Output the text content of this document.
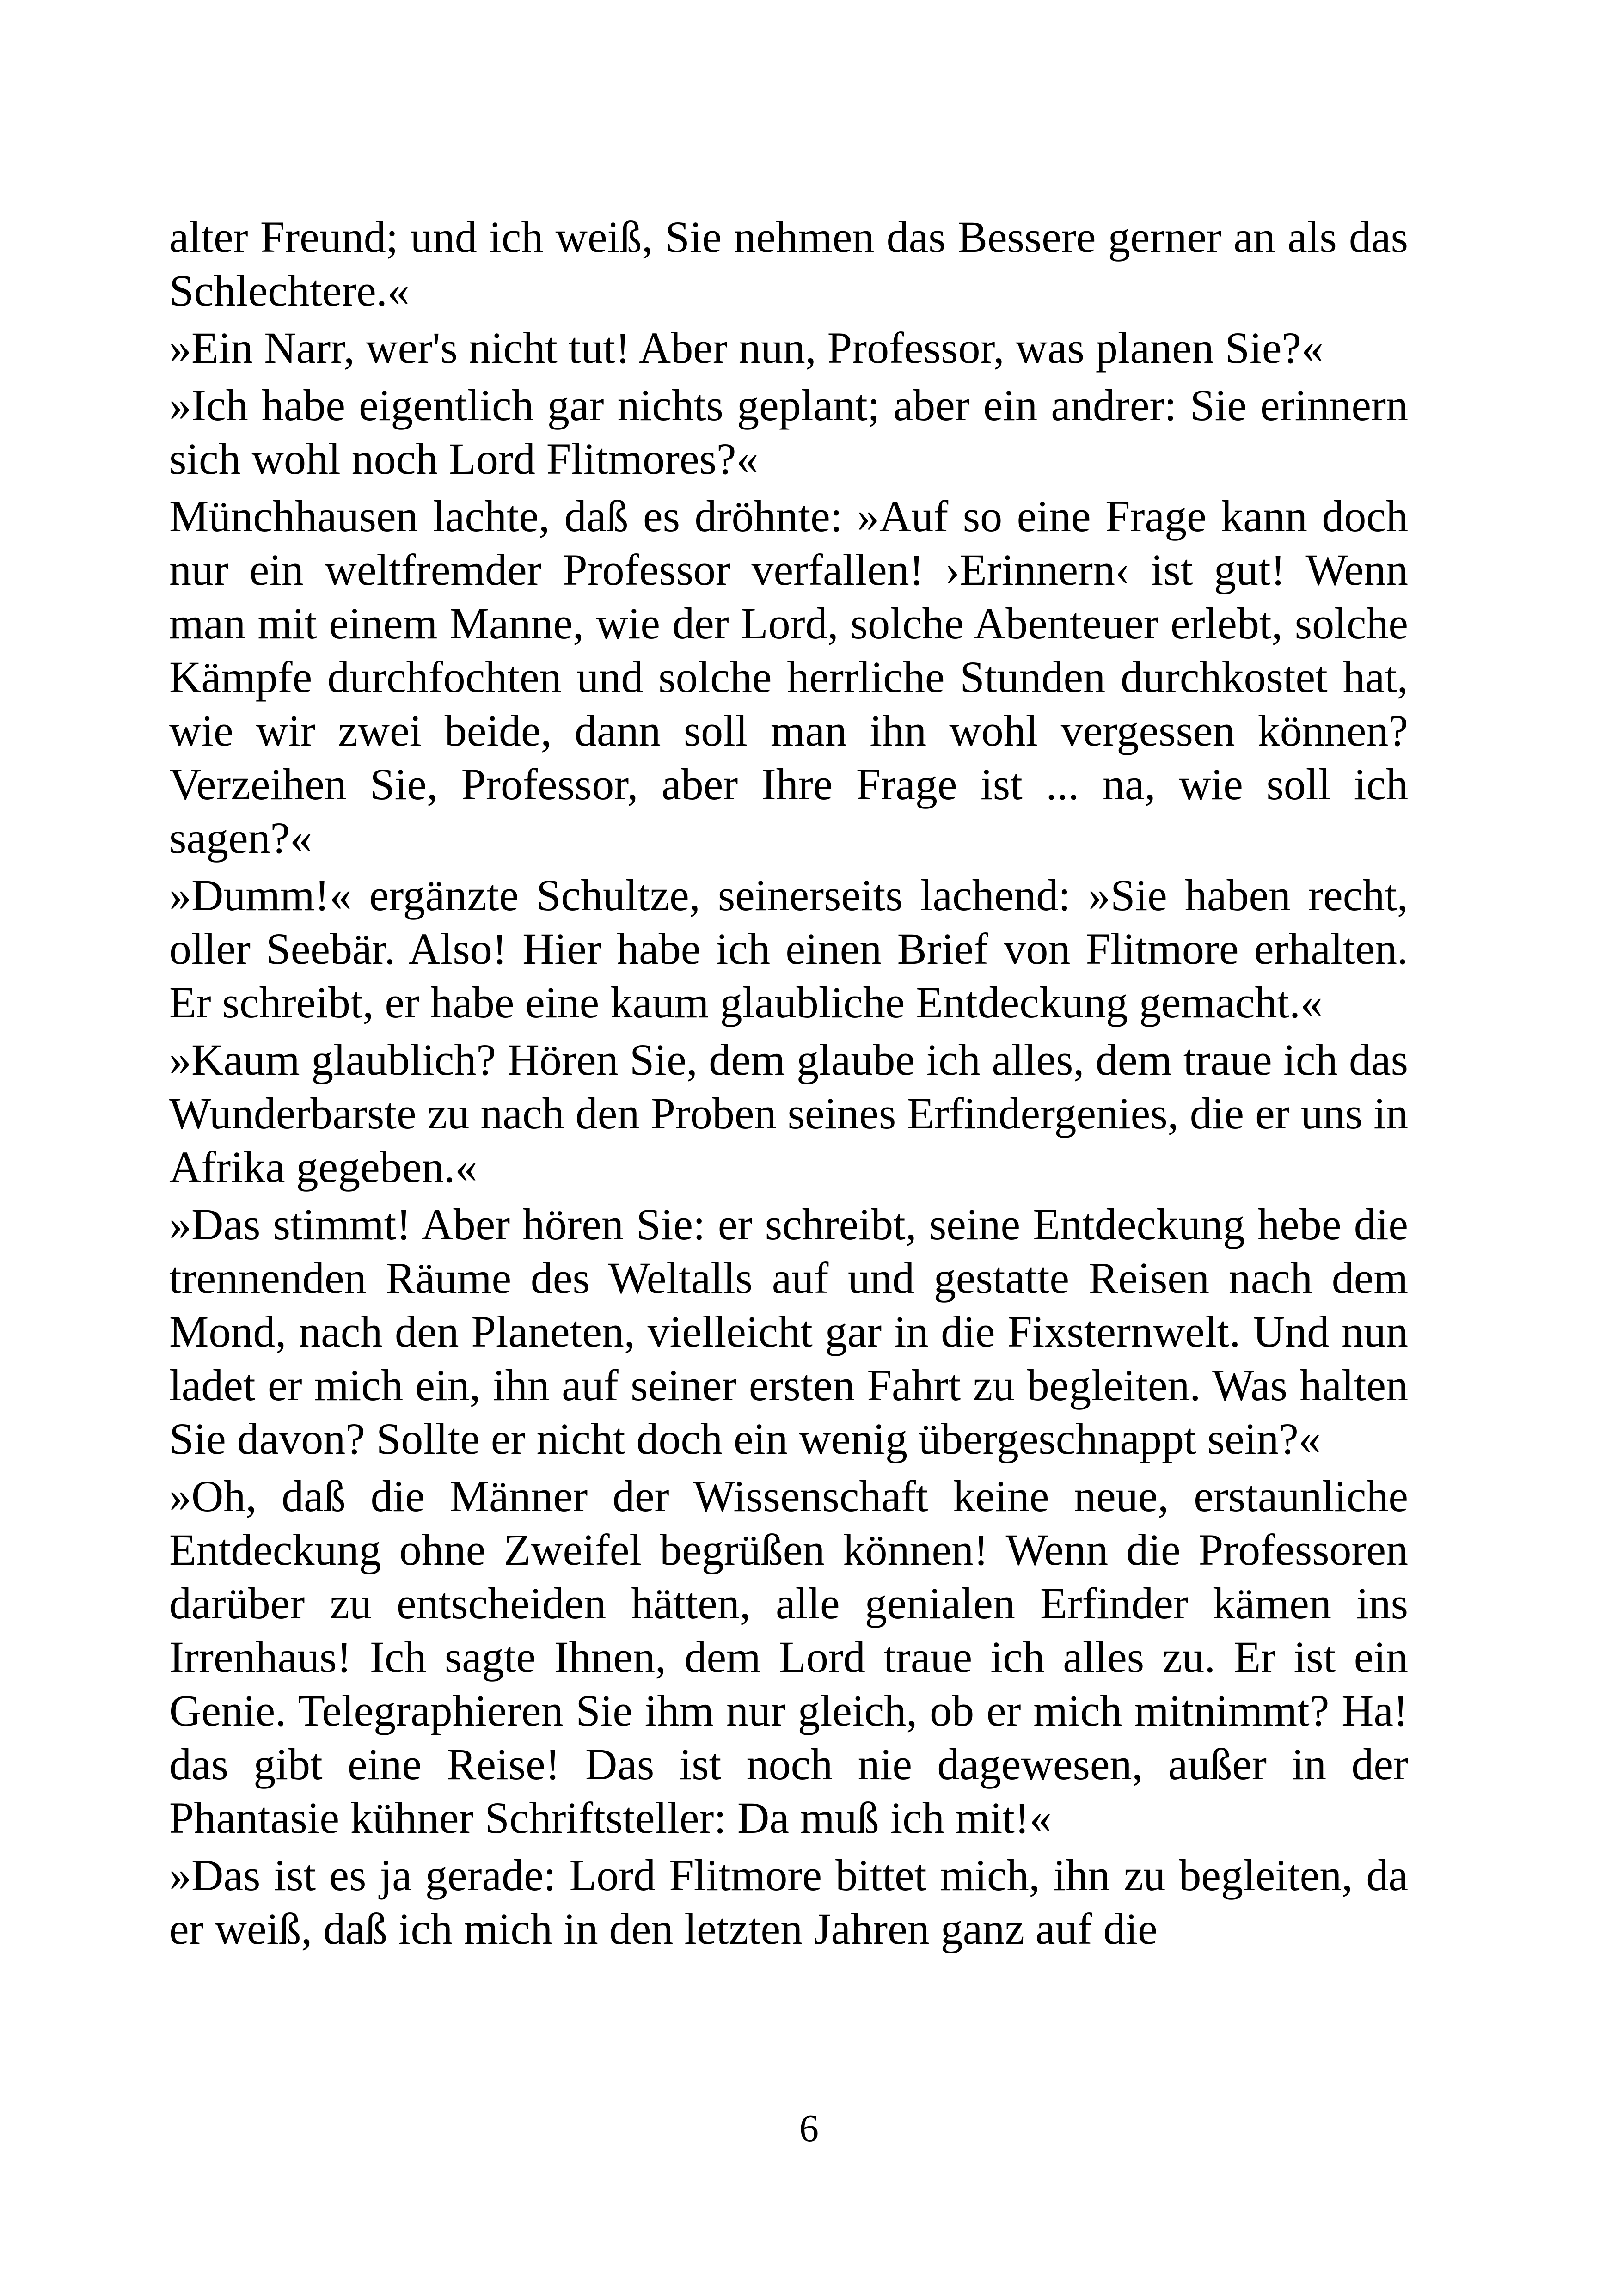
alter Freund; und ich weiß, Sie nehmen das Bessere gerner an als das Schlechtere.«

»Ein Narr, wer's nicht tut! Aber nun, Professor, was planen Sie?«

»Ich habe eigentlich gar nichts geplant; aber ein andrer: Sie erinnern sich wohl noch Lord Flitmores?«

Münchhausen lachte, daß es dröhnte: »Auf so eine Frage kann doch nur ein weltfremder Professor verfallen! ›Erinnern‹ ist gut! Wenn man mit einem Manne, wie der Lord, solche Abenteuer erlebt, solche Kämpfe durchfochten und solche herrliche Stunden durchkostet hat, wie wir zwei beide, dann soll man ihn wohl vergessen können? Verzeihen Sie, Professor, aber Ihre Frage ist ... na, wie soll ich sagen?«

»Dumm!« ergänzte Schultze, seinerseits lachend: »Sie haben recht, oller Seebär. Also! Hier habe ich einen Brief von Flitmore erhalten. Er schreibt, er habe eine kaum glaubliche Entdeckung gemacht.«

»Kaum glaublich? Hören Sie, dem glaube ich alles, dem traue ich das Wunderbarste zu nach den Proben seines Erfindergenies, die er uns in Afrika gegeben.«

»Das stimmt! Aber hören Sie: er schreibt, seine Entdeckung hebe die trennenden Räume des Weltalls auf und gestatte Reisen nach dem Mond, nach den Planeten, vielleicht gar in die Fixsternwelt. Und nun ladet er mich ein, ihn auf seiner ersten Fahrt zu begleiten. Was halten Sie davon? Sollte er nicht doch ein wenig übergeschnappt sein?«

»Oh, daß die Männer der Wissenschaft keine neue, erstaunliche Entdeckung ohne Zweifel begrüßen können! Wenn die Professoren darüber zu entscheiden hätten, alle genialen Erfinder kämen ins Irrenhaus! Ich sagte Ihnen, dem Lord traue ich alles zu. Er ist ein Genie. Telegraphieren Sie ihm nur gleich, ob er mich mitnimmt? Ha! das gibt eine Reise! Das ist noch nie dagewesen, außer in der Phantasie kühner Schriftsteller: Da muß ich mit!«

»Das ist es ja gerade: Lord Flitmore bittet mich, ihn zu begleiten, da er weiß, daß ich mich in den letzten Jahren ganz auf die

6
